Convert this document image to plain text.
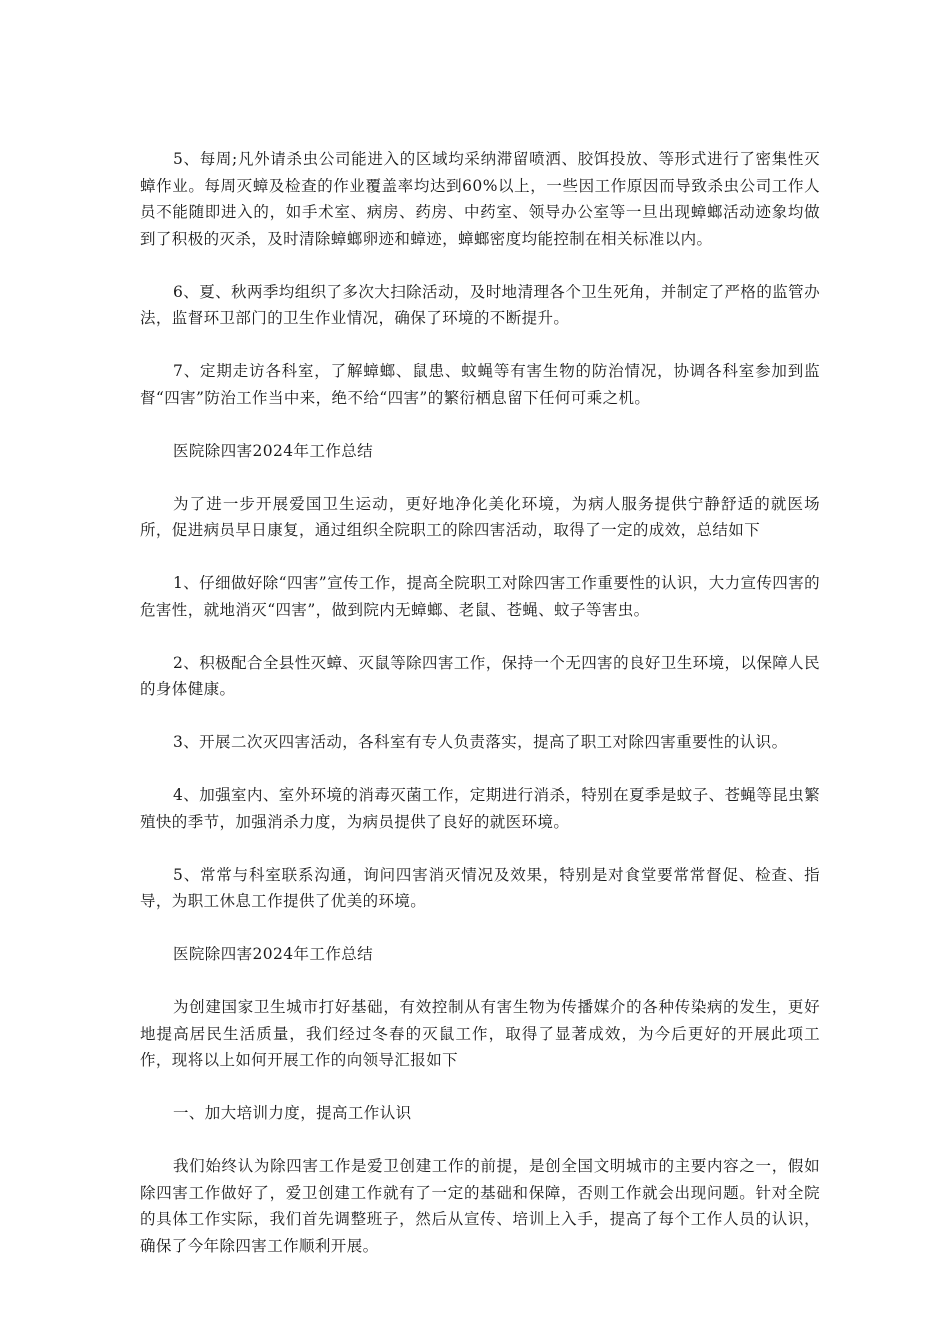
5、每周;凡外请杀虫公司能进入的区域均采纳滞留喷洒、胶饵投放、等形式进行了密集性灭蟑作业。每周灭蟑及检查的作业覆盖率均达到60%以上，一些因工作原因而导致杀虫公司工作人员不能随即进入的，如手术室、病房、药房、中药室、领导办公室等一旦出现蟑螂活动迹象均做到了积极的灭杀，及时清除蟑螂卵迹和蟑迹，蟑螂密度均能控制在相关标准以内。

6、夏、秋两季均组织了多次大扫除活动，及时地清理各个卫生死角，并制定了严格的监管办法，监督环卫部门的卫生作业情况，确保了环境的不断提升。

7、定期走访各科室，了解蟑螂、鼠患、蚊蝇等有害生物的防治情况，协调各科室参加到监督“四害”防治工作当中来，绝不给“四害”的繁衍栖息留下任何可乘之机。

医院除四害2024年工作总结

为了进一步开展爱国卫生运动，更好地净化美化环境，为病人服务提供宁静舒适的就医场所，促进病员早日康复，通过组织全院职工的除四害活动，取得了一定的成效，总结如下

1、仔细做好除“四害”宣传工作，提高全院职工对除四害工作重要性的认识，大力宣传四害的危害性，就地消灭“四害”，做到院内无蟑螂、老鼠、苍蝇、蚊子等害虫。

2、积极配合全县性灭蟑、灭鼠等除四害工作，保持一个无四害的良好卫生环境，以保障人民的身体健康。

3、开展二次灭四害活动，各科室有专人负责落实，提高了职工对除四害重要性的认识。

4、加强室内、室外环境的消毒灭菌工作，定期进行消杀，特别在夏季是蚊子、苍蝇等昆虫繁殖快的季节，加强消杀力度，为病员提供了良好的就医环境。

5、常常与科室联系沟通，询问四害消灭情况及效果，特别是对食堂要常常督促、检查、指导，为职工休息工作提供了优美的环境。

医院除四害2024年工作总结

为创建国家卫生城市打好基础，有效控制从有害生物为传播媒介的各种传染病的发生，更好地提高居民生活质量，我们经过冬春的灭鼠工作，取得了显著成效，为今后更好的开展此项工作，现将以上如何开展工作的向领导汇报如下

一、加大培训力度，提高工作认识

我们始终认为除四害工作是爱卫创建工作的前提，是创全国文明城市的主要内容之一，假如除四害工作做好了，爱卫创建工作就有了一定的基础和保障，否则工作就会出现问题。针对全院的具体工作实际，我们首先调整班子，然后从宣传、培训上入手，提高了每个工作人员的认识，确保了今年除四害工作顺利开展。
